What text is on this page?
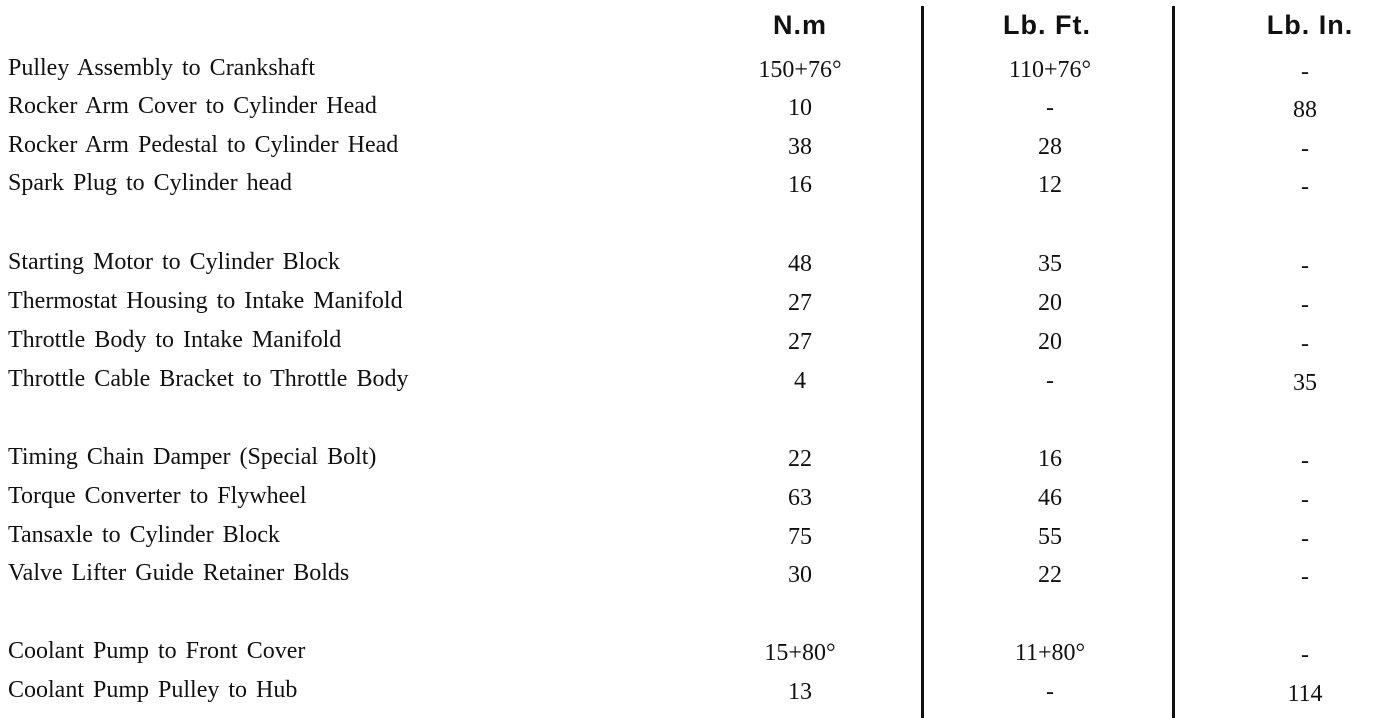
N.m	Lb. Ft.	Lb. In.
Pulley Assembly to Crankshaft	150+76°	110+76°	-
Rocker Arm Cover to Cylinder Head	10	-	88
Rocker Arm Pedestal to Cylinder Head	38	28	-
Spark Plug to Cylinder head	16	12	-
Starting Motor to Cylinder Block	48	35	-
Thermostat Housing to Intake Manifold	27	20	-
Throttle Body to Intake Manifold	27	20	-
Throttle Cable Bracket to Throttle Body	4	-	35
Timing Chain Damper (Special Bolt)	22	16	-
Torque Converter to Flywheel	63	46	-
Tansaxle to Cylinder Block	75	55	-
Valve Lifter Guide Retainer Bolds	30	22	-
Coolant Pump to Front Cover	15+80°	11+80°	-
Coolant Pump Pulley to Hub	13	-	114
